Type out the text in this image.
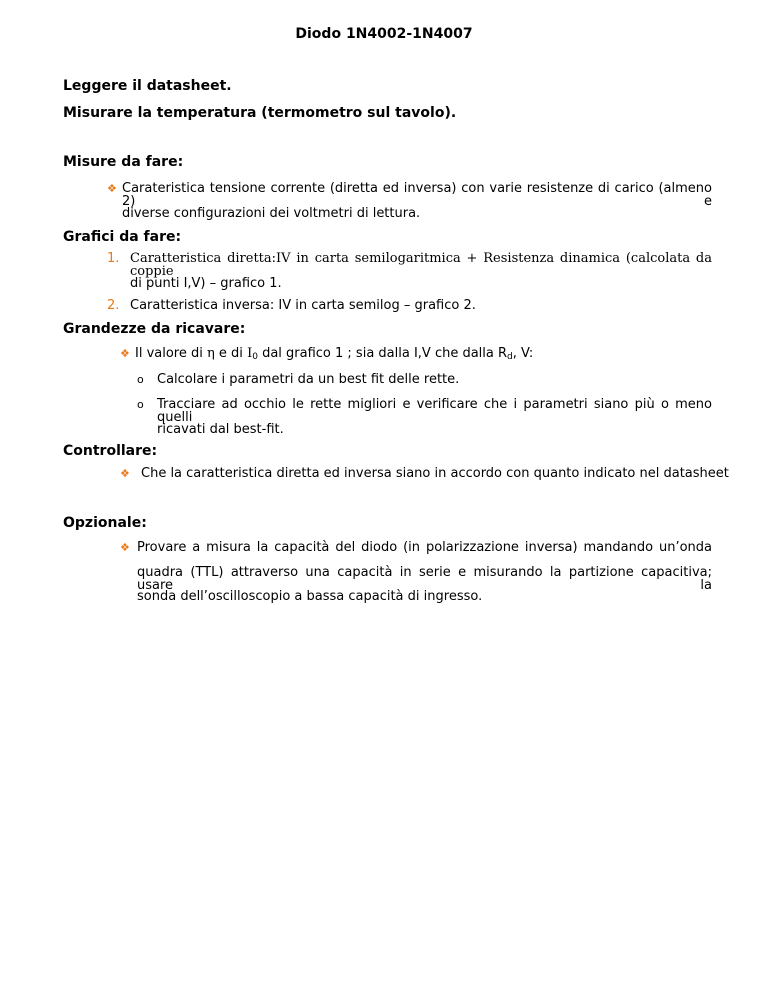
Diodo 1N4002-1N4007
Leggere il datasheet.
Misurare la temperatura (termometro sul tavolo).
Misure da fare:
❖ Carateristica tensione corrente (diretta ed inversa) con varie resistenze di carico (almeno 2) e
diverse configurazioni dei voltmetri di lettura.
Grafici da fare:
1. Caratteristica diretta:IV in carta semilogaritmica + Resistenza dinamica (calcolata da coppie
di punti I,V) – grafico 1.
2. Caratteristica inversa: IV in carta semilog – grafico 2.
Grandezze da ricavare:
❖ Il valore di η e di $I_0$ dal grafico 1 ; sia dalla I,V che dalla $R_d$, V:
o Calcolare i parametri da un best fit delle rette.
o Tracciare ad occhio le rette migliori e verificare che i parametri siano più o meno quelli
ricavati dal best-fit.
Controllare:
❖ Che la caratteristica diretta ed inversa siano in accordo con quanto indicato nel datasheet
Opzionale:
❖ Provare a misura la capacità del diodo (in polarizzazione inversa) mandando un’onda
quadra (TTL) attraverso una capacità in serie e misurando la partizione capacitiva; usare la
sonda dell’oscilloscopio a bassa capacità di ingresso.
